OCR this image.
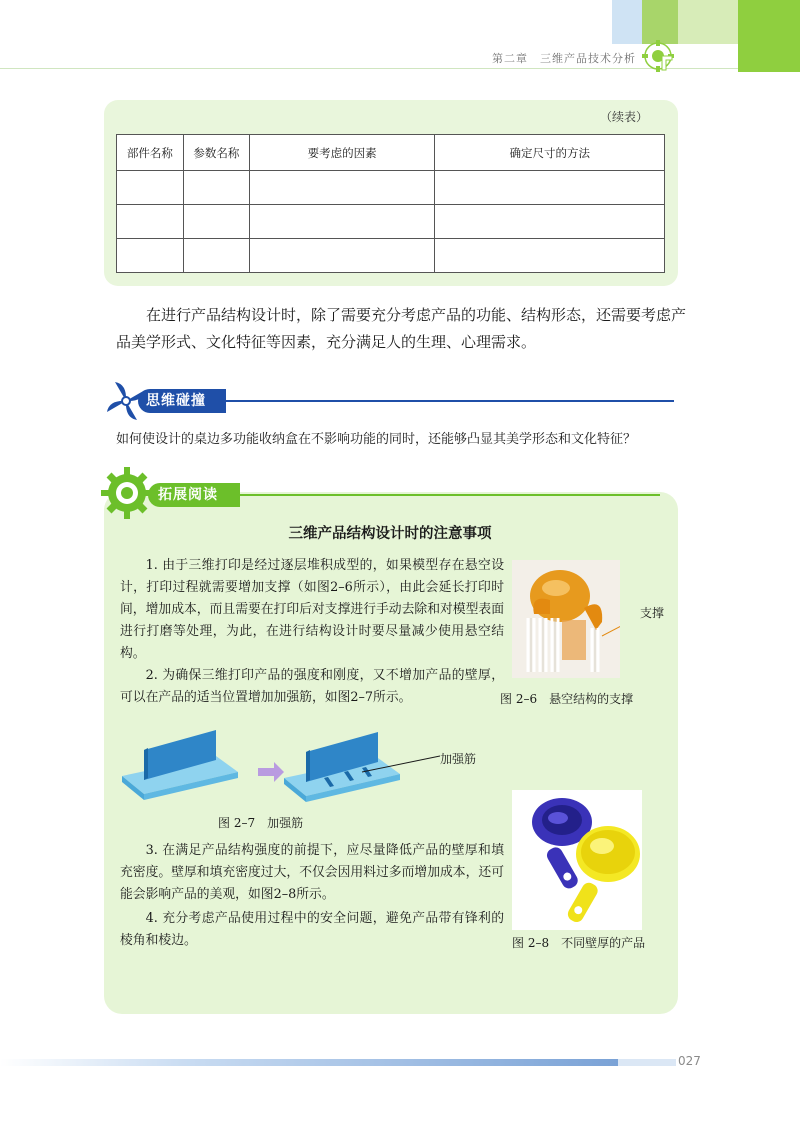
第二章　三维产品技术分析
（续表）
部件名称	参数名称	要考虑的因素	确定尺寸的方法

在进行产品结构设计时，除了需要充分考虑产品的功能、结构形态，还需要考虑产品美学形式、文化特征等因素，充分满足人的生理、心理需求。

思维碰撞

如何使设计的桌边多功能收纳盒在不影响功能的同时，还能够凸显其美学形态和文化特征？

拓展阅读
三维产品结构设计时的注意事项

1. 由于三维打印是经过逐层堆积成型的，如果模型存在悬空设计，打印过程就需要增加支撑（如图2–6所示），由此会延长打印时间，增加成本，而且需要在打印后对支撑进行手动去除和对模型表面进行打磨等处理，为此，在进行结构设计时要尽量减少使用悬空结构。

2. 为确保三维打印产品的强度和刚度，又不增加产品的壁厚，可以在产品的适当位置增加加强筋，如图2–7所示。

3. 在满足产品结构强度的前提下，应尽量降低产品的壁厚和填充密度。壁厚和填充密度过大，不仅会因用料过多而增加成本，还可能会影响产品的美观，如图2–8所示。

4. 充分考虑产品使用过程中的安全问题，避免产品带有锋利的棱角和棱边。

支撑
图 2–6　悬空结构的支撑
加强筋
图 2–7　加强筋
图 2–8　不同壁厚的产品
027
